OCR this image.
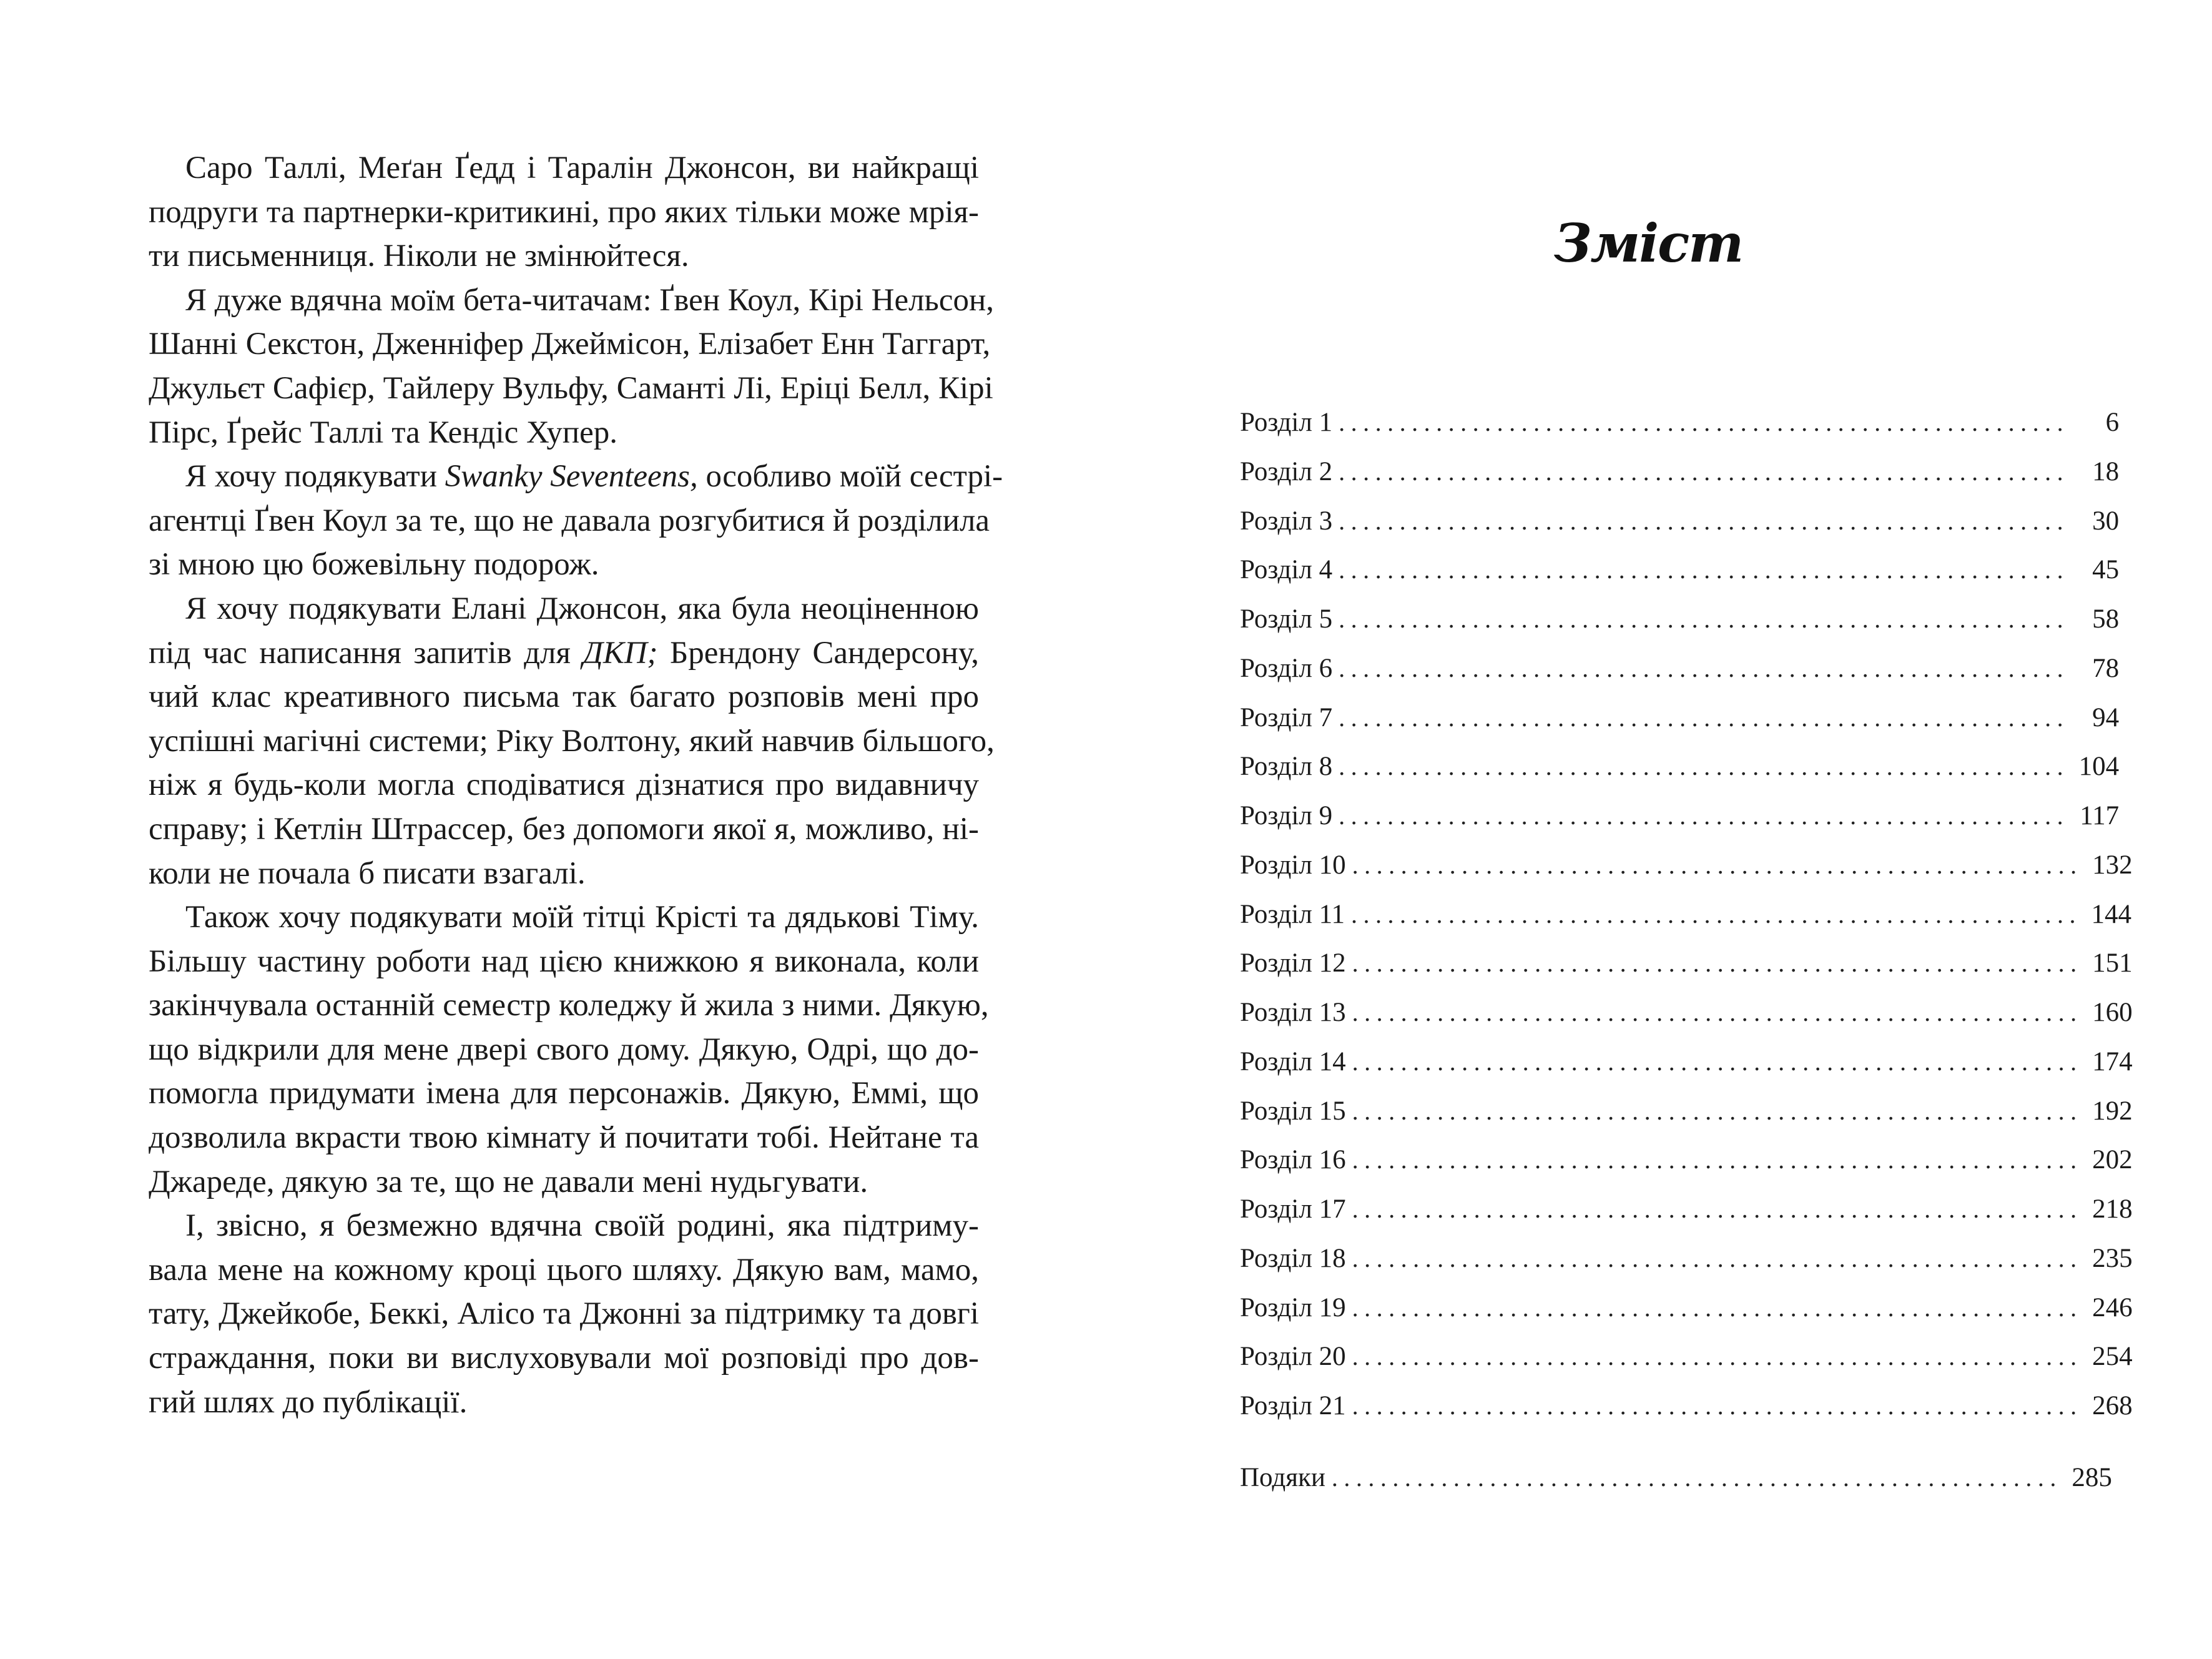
Саро Таллі, Меґан Ґедд і Таралін Джонсон, ви найкращі
подруги та партнерки-критикині, про яких тільки може мрія-
ти письменниця. Ніколи не змінюйтеся.
Я дуже вдячна моїм бета-читачам: Ґвен Коул, Кірі Нельсон,
Шанні Секстон, Дженніфер Джеймісон, Елізабет Енн Таггарт,
Джульєт Сафієр, Тайлеру Вульфу, Саманті Лі, Еріці Белл, Кірі
Пірс, Ґрейс Таллі та Кендіс Хупер.
Я хочу подякувати Swanky Seventeens, особливо моїй сестрі-
агентці Ґвен Коул за те, що не давала розгубитися й розділила
зі мною цю божевільну подорож.
Я хочу подякувати Елані Джонсон, яка була неоціненною
під час написання запитів для ДКП; Брендону Сандерсону,
чий клас креативного письма так багато розповів мені про
успішні магічні системи; Ріку Волтону, який навчив більшого,
ніж я будь-коли могла сподіватися дізнатися про видавничу
справу; і Кетлін Штрассер, без допомоги якої я, можливо, ні-
коли не почала б писати взагалі.
Також хочу подякувати моїй тітці Крісті та дядькові Тіму.
Більшу частину роботи над цією книжкою я виконала, коли
закінчувала останній семестр коледжу й жила з ними. Дякую,
що відкрили для мене двері свого дому. Дякую, Одрі, що до-
помогла придумати імена для персонажів. Дякую, Еммі, що
дозволила вкрасти твою кімнату й почитати тобі. Нейтане та
Джареде, дякую за те, що не давали мені нудьгувати.
І, звісно, я безмежно вдячна своїй родині, яка підтриму-
вала мене на кожному кроці цього шляху. Дякую вам, мамо,
тату, Джейкобе, Беккі, Алісо та Джонні за підтримку та довгі
страждання, поки ви вислуховували мої розповіді про дов-
гий шлях до публікації.
Зміст
Розділ 1 ............................................................	6
Розділ 2 ............................................................ 18
Розділ 3 ............................................................ 30
Розділ 4 ............................................................ 45
Розділ 5 ............................................................ 58
Розділ 6 ............................................................ 78
Розділ 7 ............................................................ 94
Розділ 8 ............................................................ 104
Розділ 9 ............................................................ 117
Розділ 10 ............................................................ 132
Розділ 11 ............................................................ 144
Розділ 12 ............................................................ 151
Розділ 13 ............................................................ 160
Розділ 14 ............................................................ 174
Розділ 15 ............................................................ 192
Розділ 16 ............................................................ 202
Розділ 17 ............................................................ 218
Розділ 18 ............................................................ 235
Розділ 19 ............................................................ 246
Розділ 20 ............................................................ 254
Розділ 21 ............................................................ 268
Подяки ............................................................ 285
